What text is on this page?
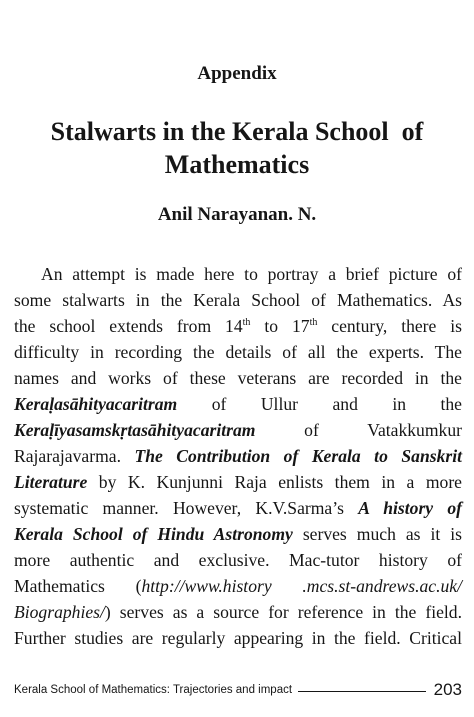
Appendix
Stalwarts in the Kerala School  of
Mathematics
Anil Narayanan. N.
An attempt is made here to portray a brief picture of
some stalwarts in the Kerala School of Mathematics. As
the school extends from 14th to 17th century, there is
difficulty in recording the details of all the experts. The
names and works of these veterans are recorded in the
Keraḷasāhityacaritram of Ullur and in the
Keraḷīyasamskṛtasāhityacaritram of Vatakkumkur
Rajarajavarma. The Contribution of Kerala to Sanskrit
Literature by K. Kunjunni Raja enlists them in a more
systematic manner. However, K.V.Sarma’s A history of
Kerala School of Hindu Astronomy serves much as it is
more authentic and exclusive. Mac-tutor history of
Mathematics (http://www.history .mcs.st-andrews.ac.uk/
Biographies/) serves as a source for reference in the field.
Further studies are regularly appearing in the field. Critical
Kerala School of Mathematics: Trajectories and impact	203
